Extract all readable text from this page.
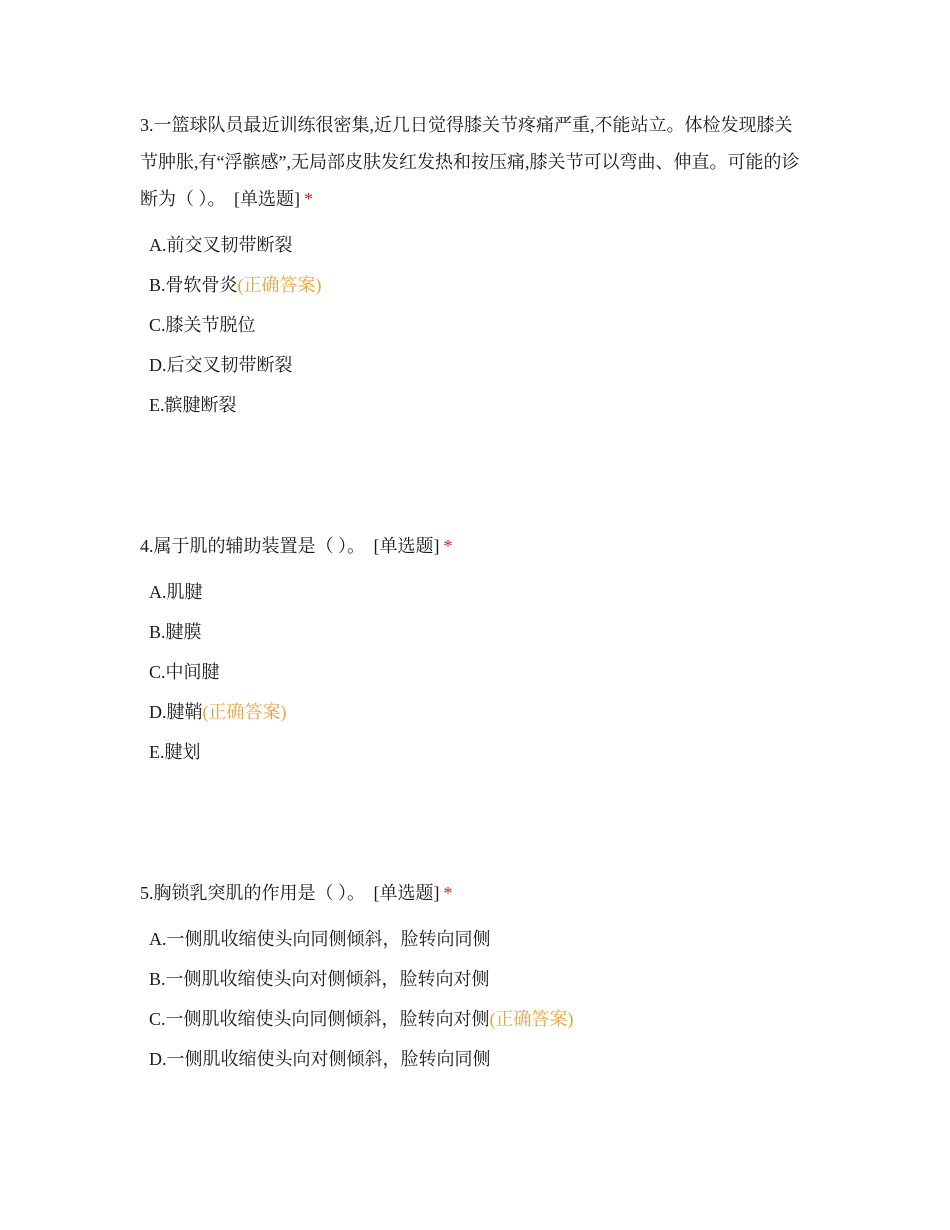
3.一篮球队员最近训练很密集,近几日觉得膝关节疼痛严重,不能站立。体检发现膝关节肿胀,有“浮髌感”,无局部皮肤发红发热和按压痛,膝关节可以弯曲、伸直。可能的诊断为（ ）。 [单选题] *

A.前交叉韧带断裂
B.骨软骨炎(正确答案)
C.膝关节脱位
D.后交叉韧带断裂
E.髌腱断裂

4.属于肌的辅助装置是（ ）。 [单选题] *

A.肌腱
B.腱膜
C.中间腱
D.腱鞘(正确答案)
E.腱划

5.胸锁乳突肌的作用是（ ）。 [单选题] *

A.一侧肌收缩使头向同侧倾斜，脸转向同侧
B.一侧肌收缩使头向对侧倾斜，脸转向对侧
C.一侧肌收缩使头向同侧倾斜，脸转向对侧(正确答案)
D.一侧肌收缩使头向对侧倾斜，脸转向同侧
